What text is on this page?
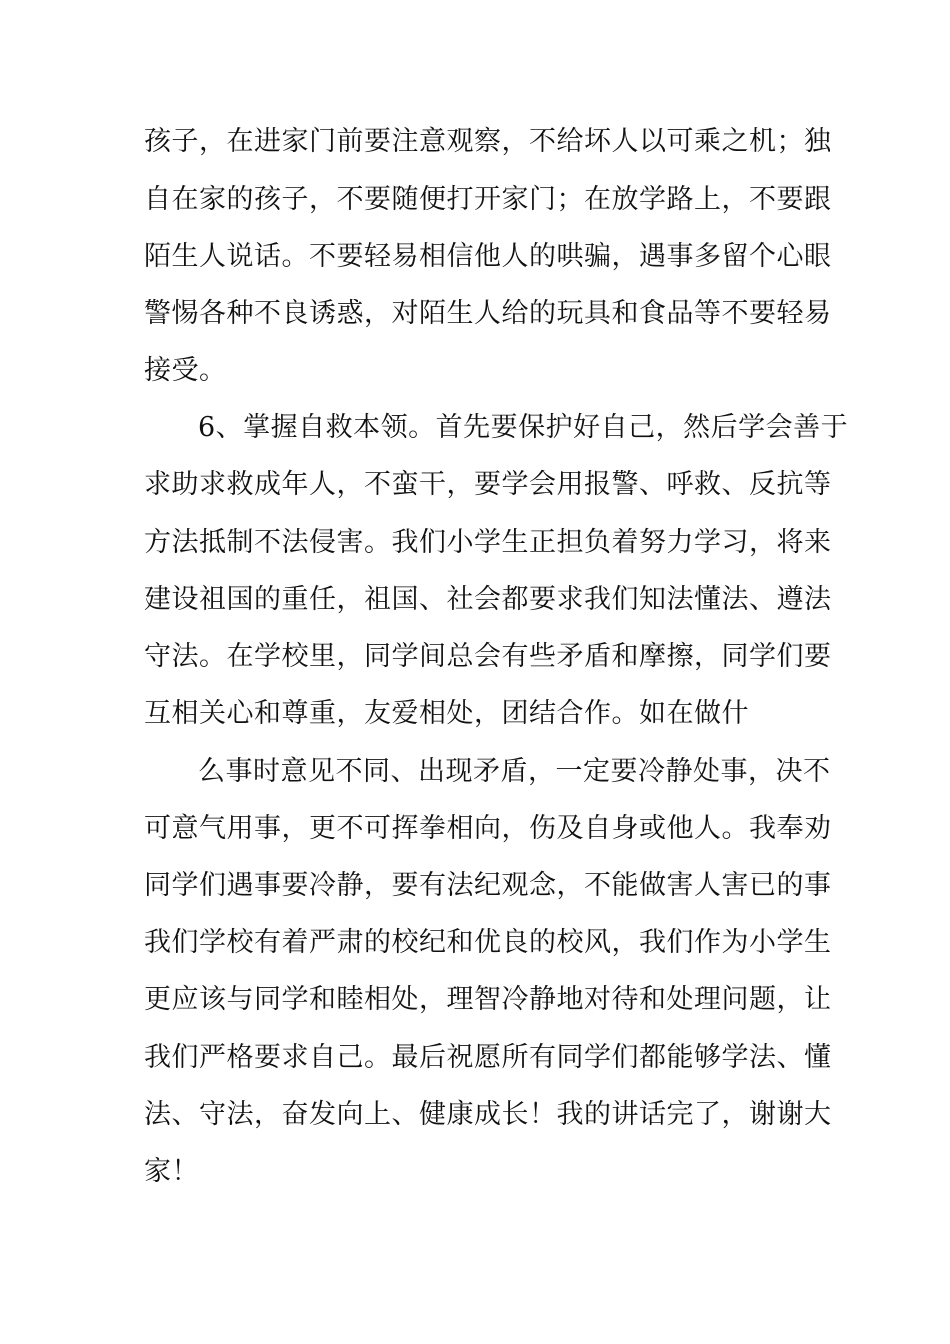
孩子，在进家门前要注意观察，不给坏人以可乘之机；独
自在家的孩子，不要随便打开家门；在放学路上，不要跟
陌生人说话。不要轻易相信他人的哄骗，遇事多留个心眼
警惕各种不良诱惑，对陌生人给的玩具和食品等不要轻易
接受。
6、掌握自救本领。首先要保护好自己，然后学会善于
求助求救成年人，不蛮干，要学会用报警、呼救、反抗等
方法抵制不法侵害。我们小学生正担负着努力学习，将来
建设祖国的重任，祖国、社会都要求我们知法懂法、遵法
守法。在学校里，同学间总会有些矛盾和摩擦，同学们要
互相关心和尊重，友爱相处，团结合作。如在做什
么事时意见不同、出现矛盾，一定要冷静处事，决不
可意气用事，更不可挥拳相向，伤及自身或他人。我奉劝
同学们遇事要冷静，要有法纪观念，不能做害人害已的事
我们学校有着严肃的校纪和优良的校风，我们作为小学生
更应该与同学和睦相处，理智冷静地对待和处理问题，让
我们严格要求自己。最后祝愿所有同学们都能够学法、懂
法、守法，奋发向上、健康成长！我的讲话完了，谢谢大
家！
